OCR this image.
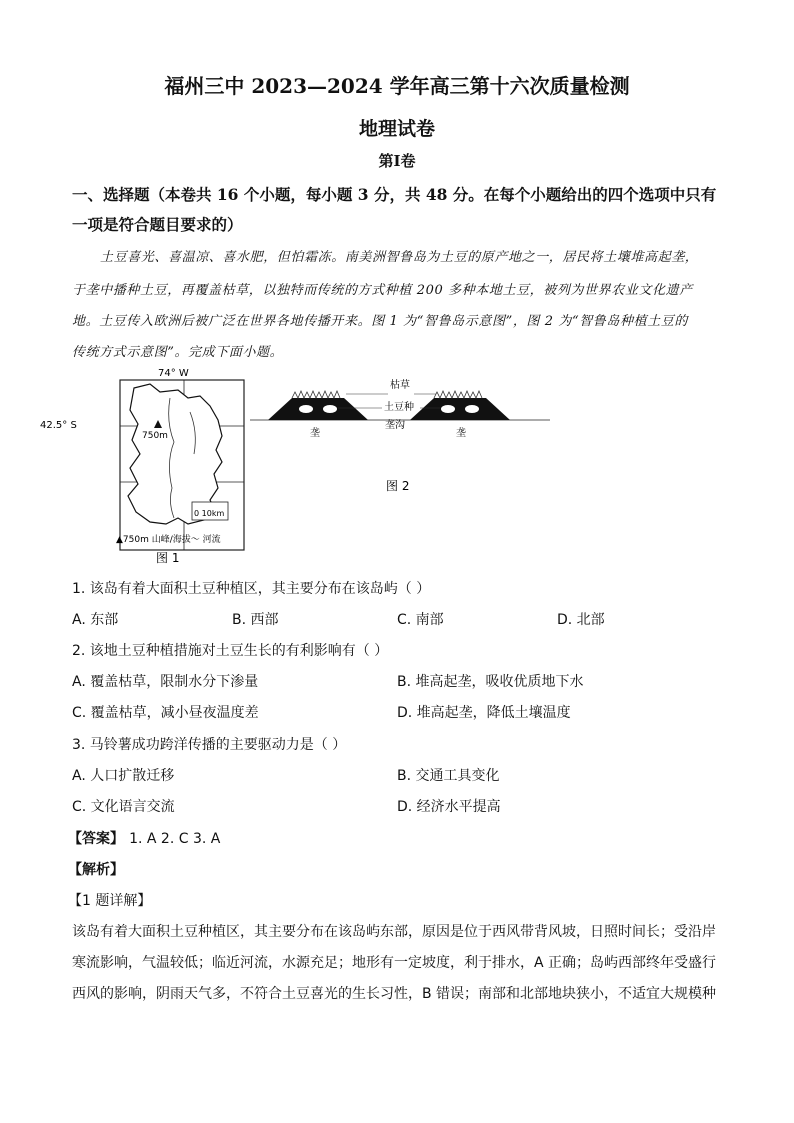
福州三中 2023—2024 学年高三第十六次质量检测
地理试卷
第Ⅰ卷
一、选择题（本卷共 16 个小题，每小题 3 分，共 48 分。在每个小题给出的四个选项中只有
一项是符合题目要求的）
土豆喜光、喜温凉、喜水肥，但怕霜冻。南美洲智鲁岛为土豆的原产地之一，居民将土壤堆高起垄，
于垄中播种土豆，再覆盖枯草，以独特而传统的方式种植 200 多种本地土豆，被列为世界农业文化遗产
地。土豆传入欧洲后被广泛在世界各地传播开来。图 1 为“智鲁岛示意图”，图 2 为“智鲁岛种植土豆的
传统方式示意图”。完成下面小题。
74° W
42.5° S
750m
0 10km
▲750m 山峰/海拔〜 河流
图 1
枯草
土豆种
垄沟
垄	垄
图 2
1. 该岛有着大面积土豆种植区，其主要分布在该岛屿（ ）
A. 东部	B. 西部	C. 南部	D. 北部
2. 该地土豆种植措施对土豆生长的有利影响有（ ）
A. 覆盖枯草，限制水分下渗量	B. 堆高起垄，吸收优质地下水
C. 覆盖枯草，减小昼夜温度差	D. 堆高起垄，降低土壤温度
3. 马铃薯成功跨洋传播的主要驱动力是（ ）
A. 人口扩散迁移	B. 交通工具变化
C. 文化语言交流	D. 经济水平提高
【答案】 1. A 2. C 3. A
【解析】
【1 题详解】
该岛有着大面积土豆种植区，其主要分布在该岛屿东部，原因是位于西风带背风坡，日照时间长；受沿岸
寒流影响，气温较低；临近河流，水源充足；地形有一定坡度，利于排水，A 正确；岛屿西部终年受盛行
西风的影响，阴雨天气多，不符合土豆喜光的生长习性，B 错误；南部和北部地块狭小，不适宜大规模种
